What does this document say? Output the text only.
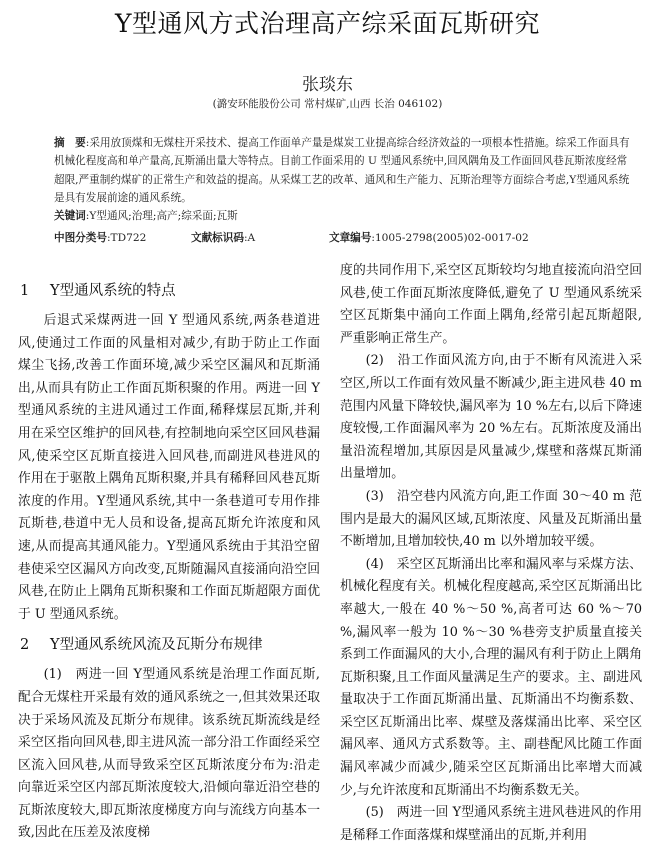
Y型通风方式治理高产综采面瓦斯研究
张琰东
(潞安环能股份公司 常村煤矿,山西 长治 046102)
摘　要:采用放顶煤和无煤柱开采技术、提高工作面单产量是煤炭工业提高综合经济效益的一项根本性措施。综采工作面具有机械化程度高和单产量高,瓦斯涌出量大等特点。目前工作面采用的 U 型通风系统中,回风隅角及工作面回风巷瓦斯浓度经常超限,严重制约煤矿的正常生产和效益的提高。从采煤工艺的改革、通风和生产能力、瓦斯治理等方面综合考虑,Y型通风系统是具有发展前途的通风系统。
关键词:Y型通风;治理;高产;综采面;瓦斯
中图分类号:TD722	文献标识码:A	文章编号:1005-2798(2005)02-0017-02
1 Y型通风系统的特点

后退式采煤两进一回 Y 型通风系统,两条巷道进风,使通过工作面的风量相对减少,有助于防止工作面煤尘飞扬,改善工作面环境,减少采空区漏风和瓦斯涌出,从而具有防止工作面瓦斯积聚的作用。两进一回 Y型通风系统的主进风通过工作面,稀释煤层瓦斯,并利用在采空区维护的回风巷,有控制地向采空区回风巷漏风,使采空区瓦斯直接进入回风巷,而副进风巷进风的作用在于驱散上隅角瓦斯积聚,并具有稀释回风巷瓦斯浓度的作用。Y型通风系统,其中一条巷道可专用作排瓦斯巷,巷道中无人员和设备,提高瓦斯允许浓度和风速,从而提高其通风能力。Y型通风系统由于其沿空留巷使采空区漏风方向改变,瓦斯随漏风直接涌向沿空回风巷,在防止上隅角瓦斯积聚和工作面瓦斯超限方面优于 U 型通风系统。

2 Y型通风系统风流及瓦斯分布规律

(1)　两进一回 Y型通风系统是治理工作面瓦斯,配合无煤柱开采最有效的通风系统之一,但其效果还取决于采场风流及瓦斯分布规律。该系统瓦斯流线是经采空区指向回风巷,即主进风流一部分沿工作面经采空区流入回风巷,从而导致采空区瓦斯浓度分布为:沿走向靠近采空区内部瓦斯浓度较大,沿倾向靠近沿空巷的瓦斯浓度较大,即瓦斯浓度梯度方向与流线方向基本一致,因此在压差及浓度梯

度的共同作用下,采空区瓦斯较均匀地直接流向沿空回风巷,使工作面瓦斯浓度降低,避免了 U 型通风系统采空区瓦斯集中涌向工作面上隅角,经常引起瓦斯超限,严重影响正常生产。

(2)　沿工作面风流方向,由于不断有风流进入采空区,所以工作面有效风量不断减少,距主进风巷 40 m 范围内风量下降较快,漏风率为 10 %左右,以后下降速度较慢,工作面漏风率为 20 %左右。瓦斯浓度及涌出量沿流程增加,其原因是风量减少,煤壁和落煤瓦斯涌出量增加。

(3)　沿空巷内风流方向,距工作面 30～40 m 范围内是最大的漏风区域,瓦斯浓度、风量及瓦斯涌出量不断增加,且增加较快,40 m 以外增加较平缓。

(4)　采空区瓦斯涌出比率和漏风率与采煤方法、机械化程度有关。机械化程度越高,采空区瓦斯涌出比率越大,一般在 40 %～50 %,高者可达 60 %～70 %,漏风率一般为 10 %～30 %巷旁支护质量直接关系到工作面漏风的大小,合理的漏风有利于防止上隅角瓦斯积聚,且工作面风量满足生产的要求。主、副进风量取决于工作面瓦斯涌出量、瓦斯涌出不均衡系数、采空区瓦斯涌出比率、煤壁及落煤涌出比率、采空区漏风率、通风方式系数等。主、副巷配风比随工作面漏风率减少而减少,随采空区瓦斯涌出比率增大而减少,与允许浓度和瓦斯涌出不均衡系数无关。

(5)　两进一回 Y型通风系统主进风巷进风的作用是稀释工作面落煤和煤壁涌出的瓦斯,并利用
